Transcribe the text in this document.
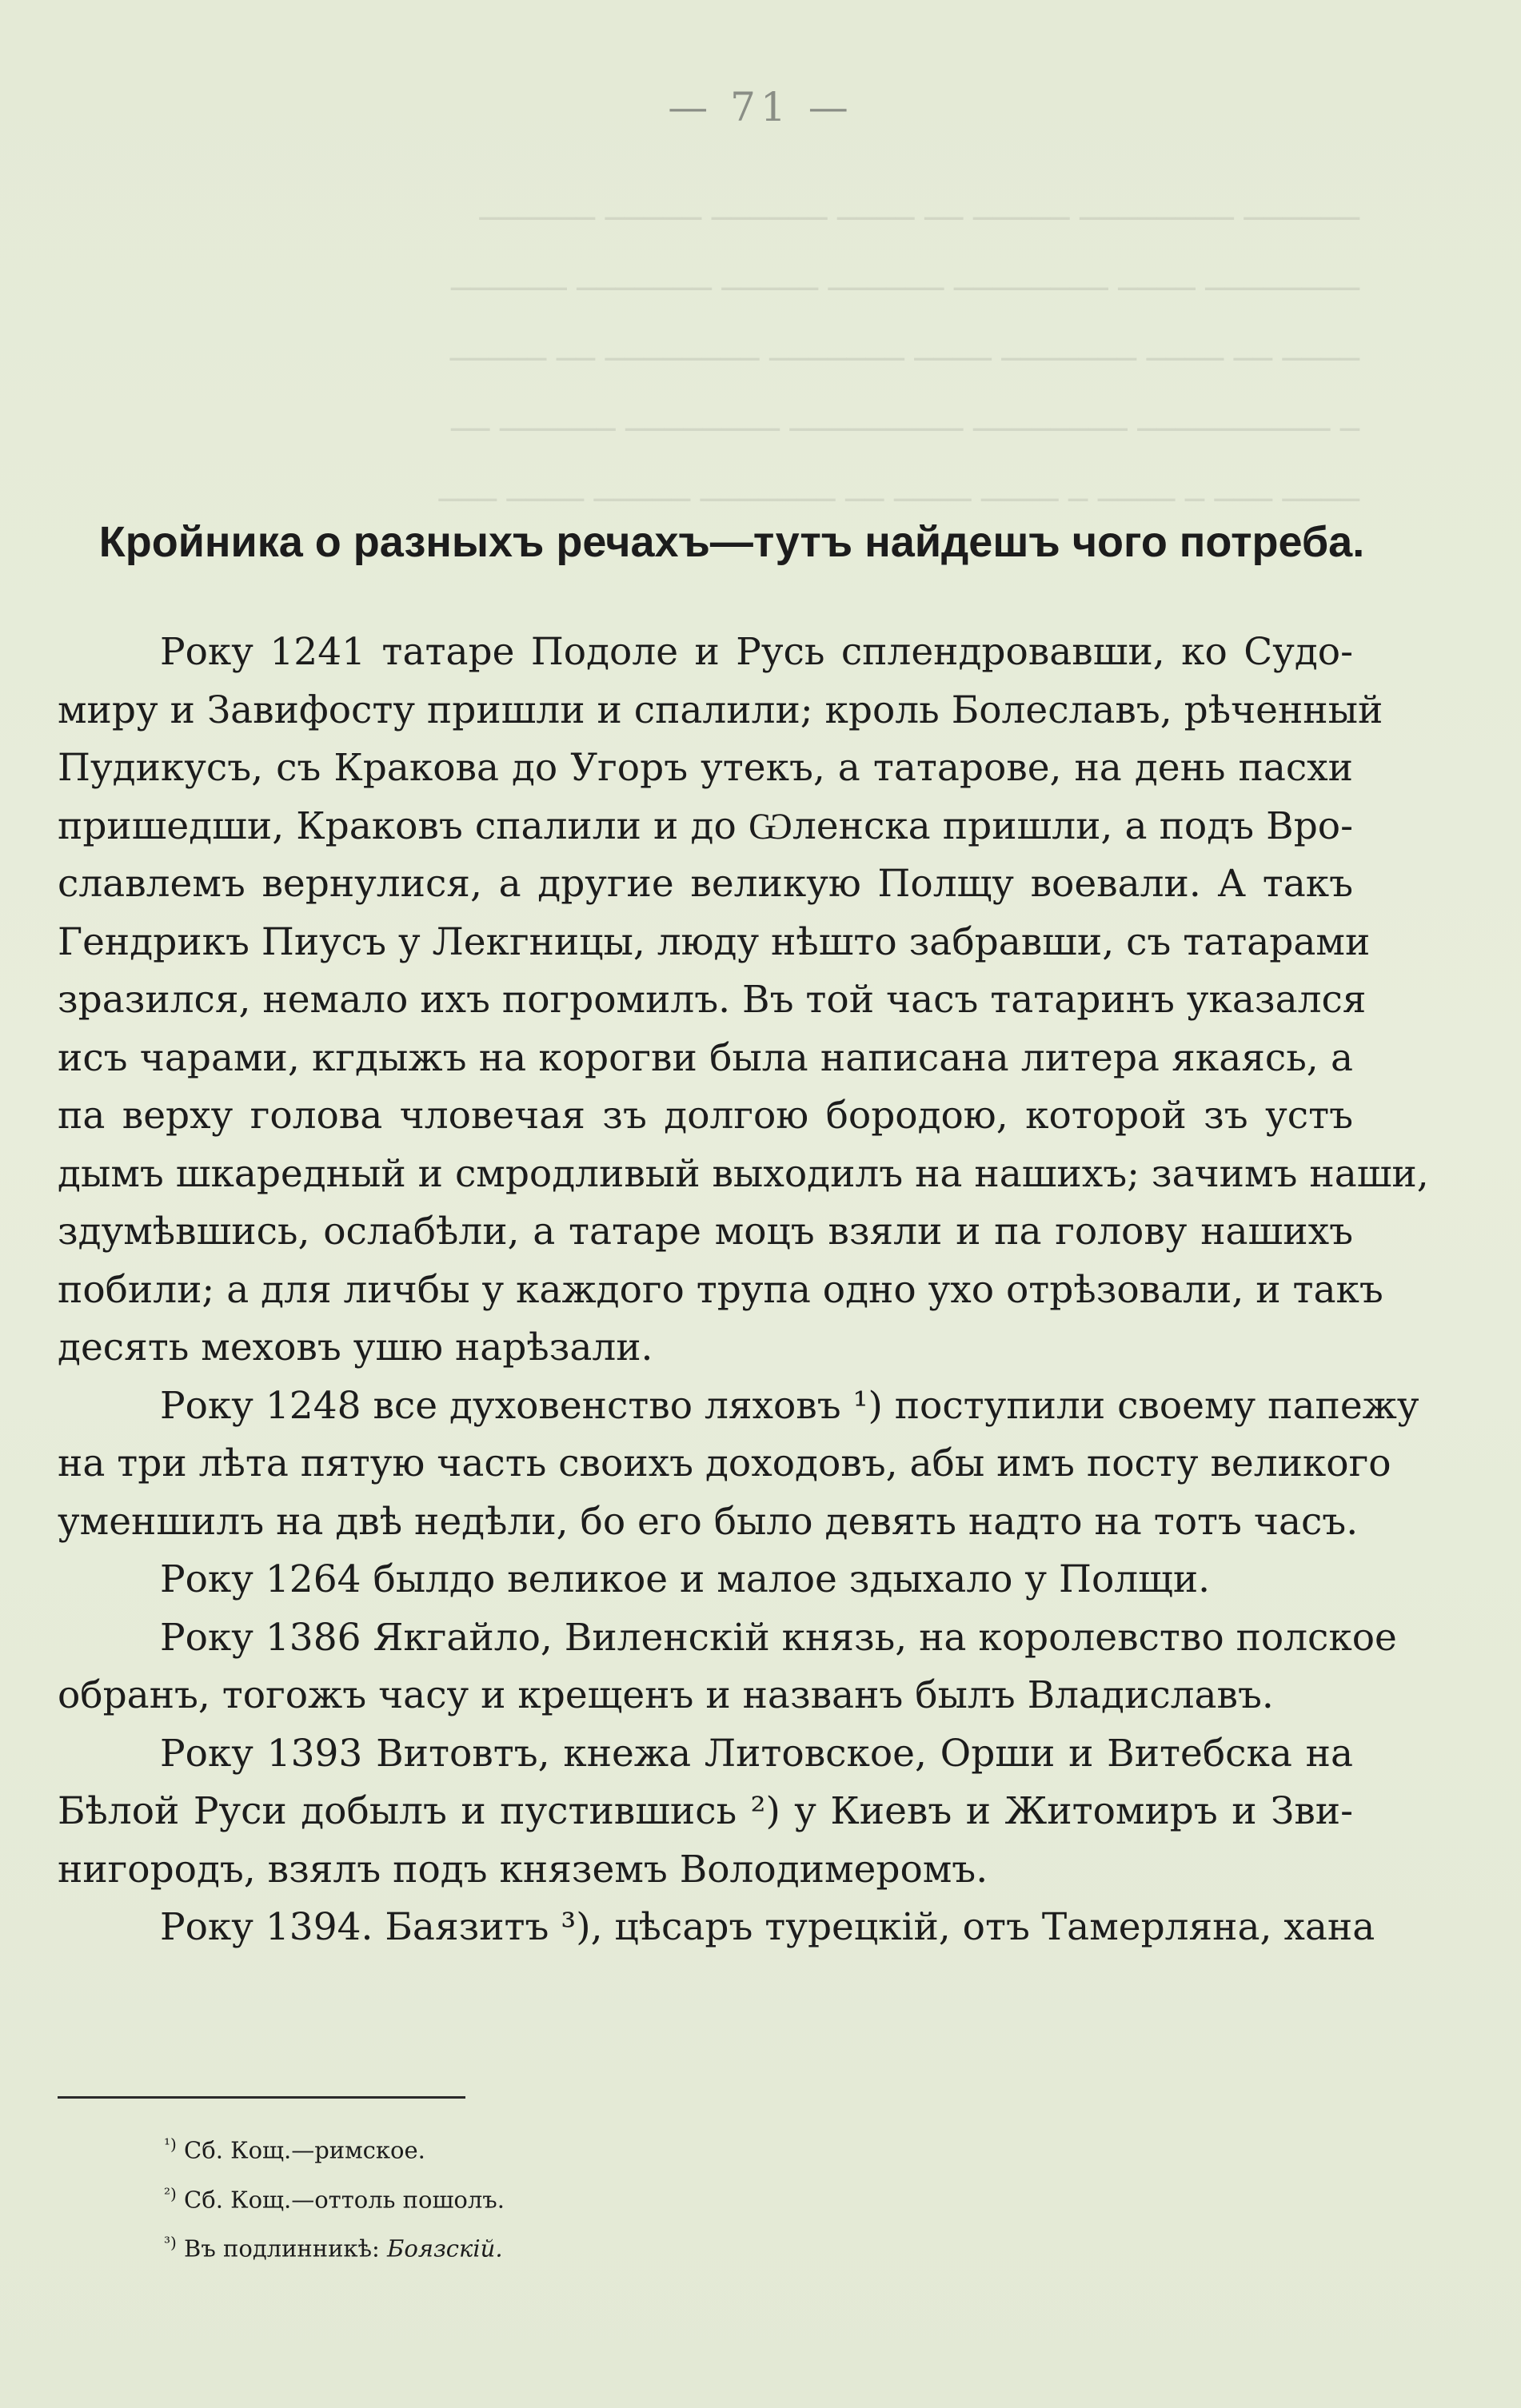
────── ──────── ───── ── ──── ────── ───── ──────
──────── ──── ──────── ────── ───── ─────── ──────
──── ── ──── ─────── ──── ─────── ──────── ── ─────
─ ────────── ──────── ───────── ──────── ────── ──
──── ─── ─ ──── ─ ──── ──── ── ─────── ───── ──── ───
— 71 —
Кройника о разныхъ речахъ—тутъ найдешъ чого потреба.
Року 1241 татаре Подоле и Русь сплендровавши, ко Судо-
миру и Завифосту пришли и спалили; кроль Болеславъ, рѣченный
Пудикусъ, съ Кракова до Угоръ утекъ, а татарове, на день пасхи
пришедши, Краковъ спалили и до Ѡленска пришли, а подъ Вро-
славлемъ вернулися, а другие великую Полщу воевали. А такъ
Гендрикъ Пиусъ у Лекгницы, люду нѣшто забравши, съ татарами
зразился, немало ихъ погромилъ. Въ той часъ татаринъ указался
исъ чарами, кгдыжъ на корогви была написана литера якаясь, а
па верху голова чловечая зъ долгою бородою, которой зъ устъ
дымъ шкаредный и смродливый выходилъ на нашихъ; зачимъ наши,
здумѣвшись, ослабѣли, а татаре моцъ взяли и па голову нашихъ
побили; а для личбы у каждого трупа одно ухо отрѣзовали, и такъ
десять меховъ ушю нарѣзали.
Року 1248 все духовенство ляховъ ¹) поступили своему папежу
на три лѣта пятую часть своихъ доходовъ, абы имъ посту великого
уменшилъ на двѣ недѣли, бо его было девять надто на тотъ часъ.
Року 1264 былдо великое и малое здыхало у Полщи.
Року 1386 Якгайло, Виленскій князь, на королевство полское
обранъ, тогожъ часу и крещенъ и названъ былъ Владиславъ.
Року 1393 Витовтъ, кнежа Литовское, Орши и Витебска на
Бѣлой Руси добылъ и пустившись ²) у Киевъ и Житомиръ и Зви-
нигородъ, взялъ подъ княземъ Володимеромъ.
Року 1394. Баязитъ ³), цѣсаръ турецкій, отъ Тамерляна, хана
$^{^1)}$ Сб. Кощ.—римское.
$^{^2)}$ Сб. Кощ.—оттоль пошолъ.
$^{^3)}$ Въ подлинникѣ: Боязскій.
